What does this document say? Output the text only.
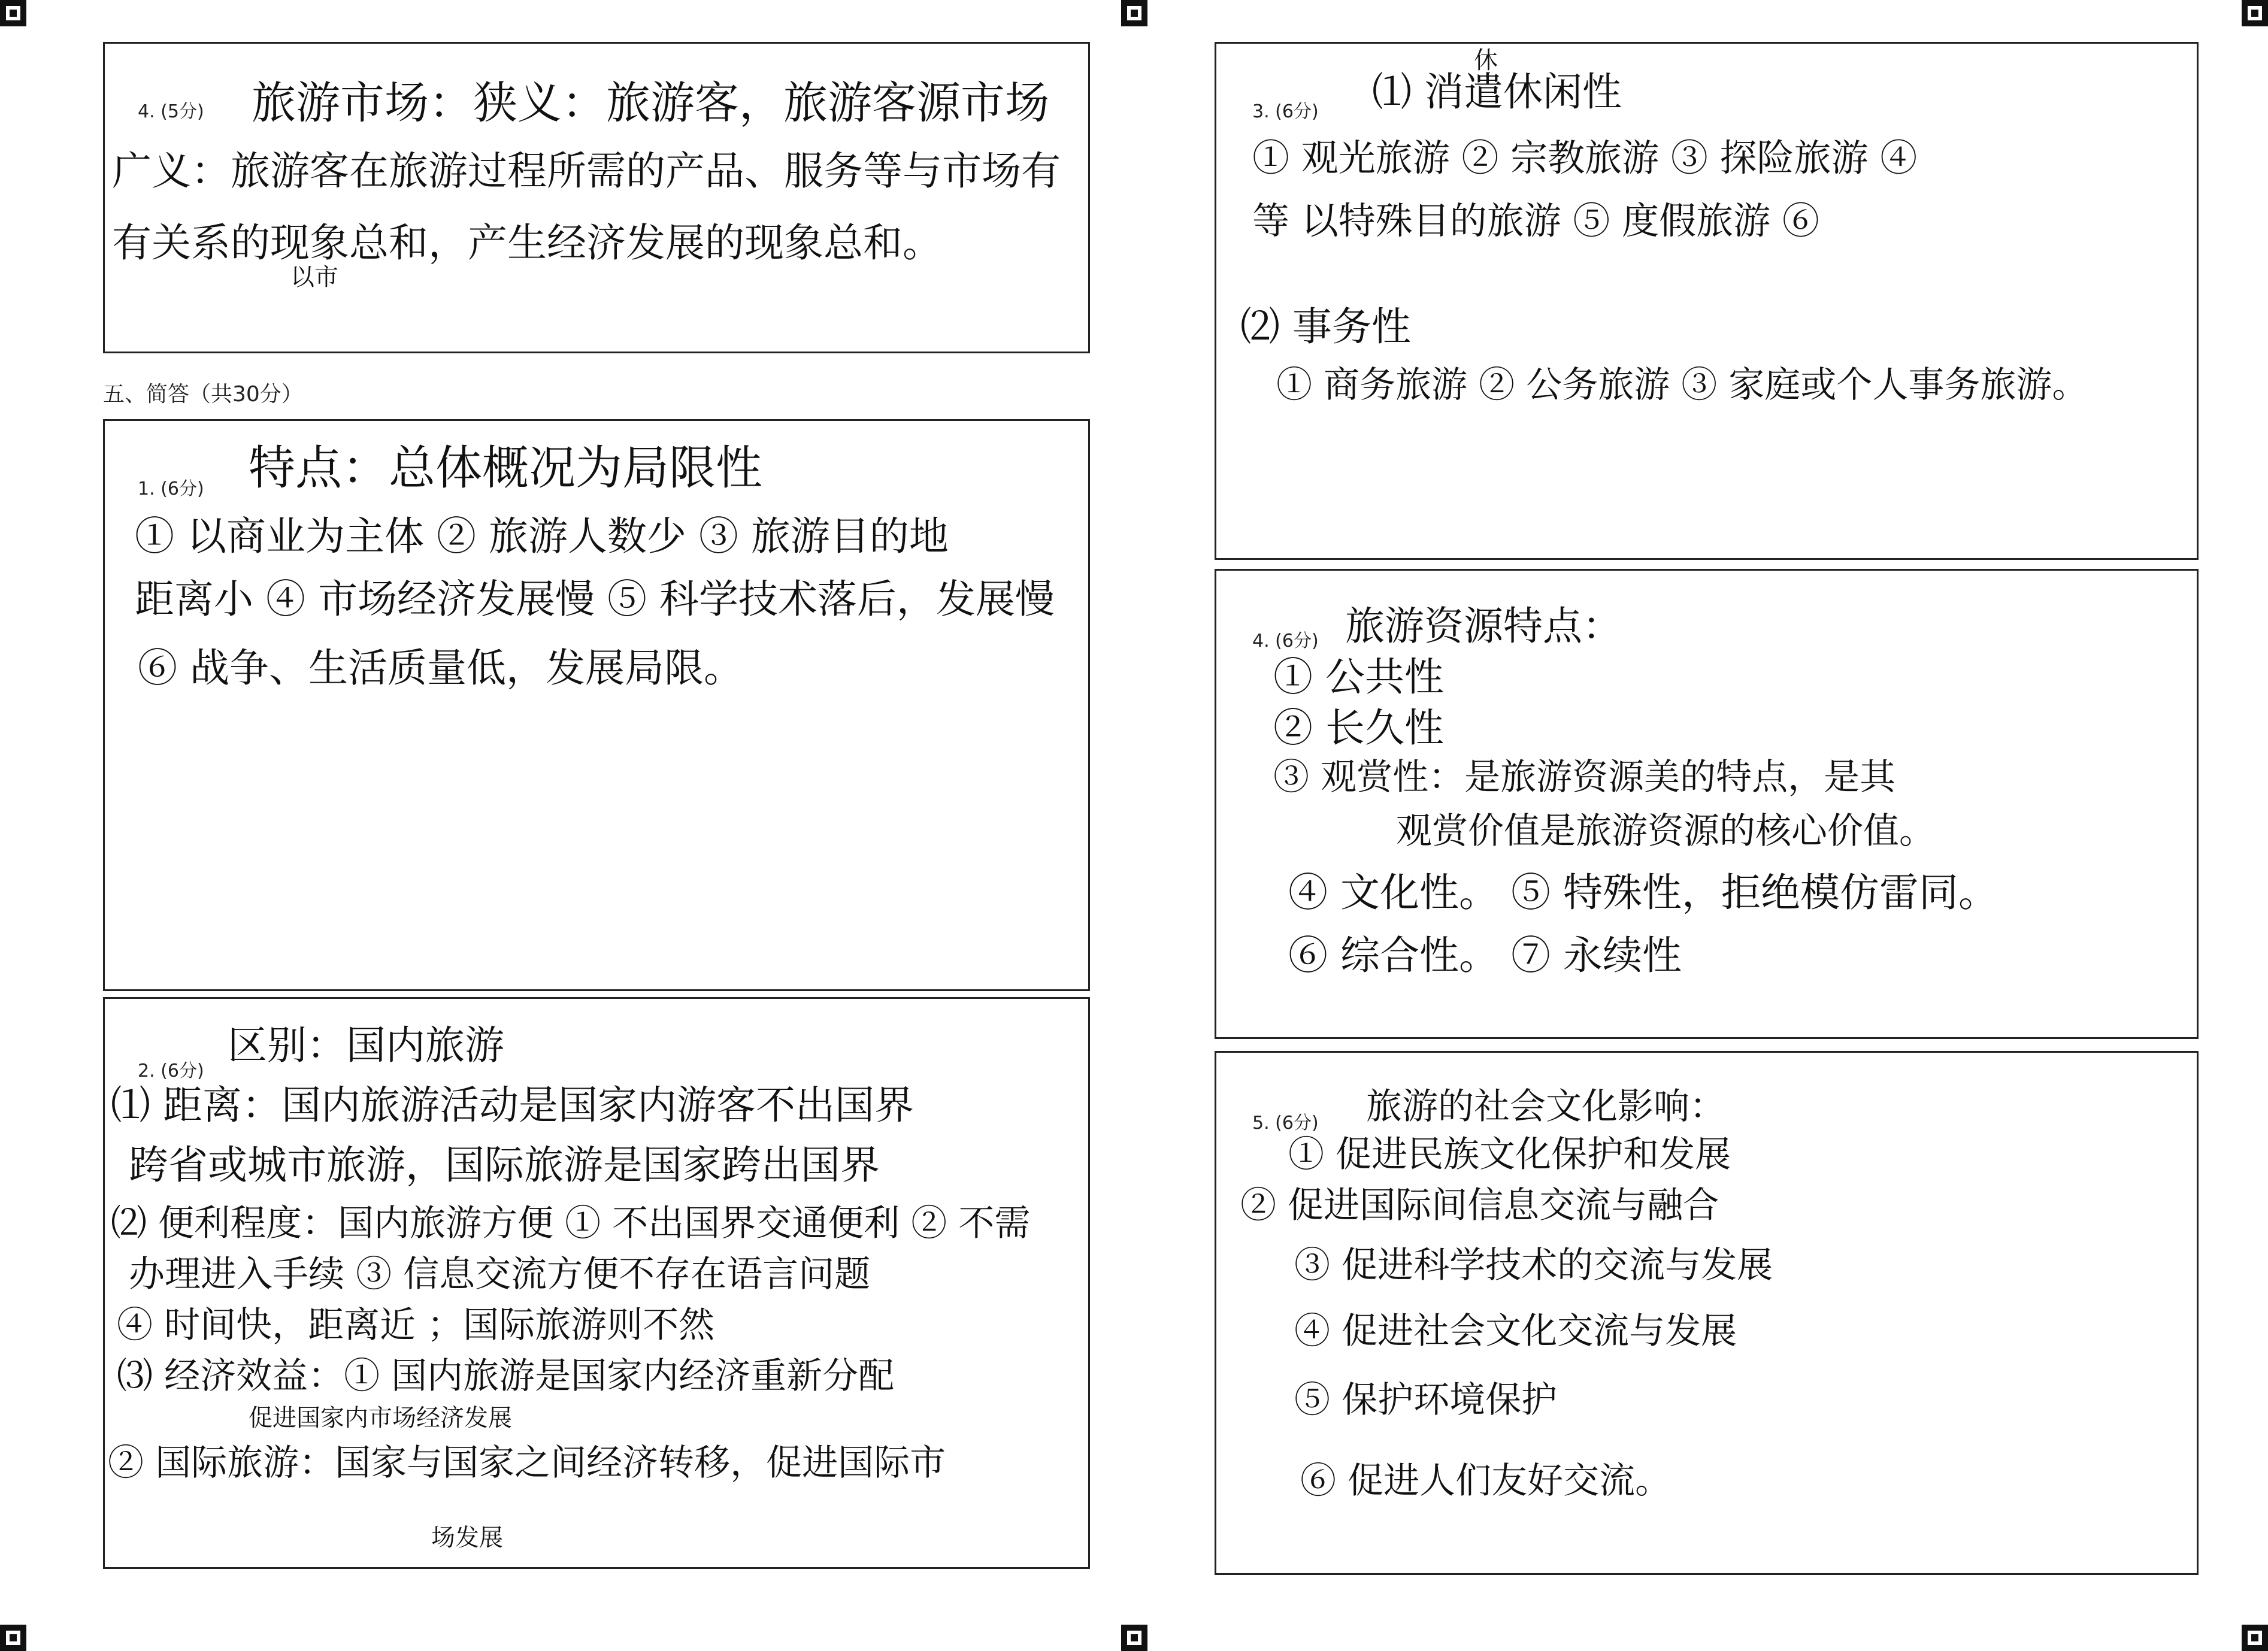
4. (5分) 旅游市场：狭义：旅游客，旅游客源市场
广义：旅游客在旅游过程所需的产品、服务等与市场有
有关系的现象总和，产生经济发展的现象总和。
以市
五、简答（共30分）
1. (6分) 特点：总体概况为局限性
① 以商业为主体 ② 旅游人数少 ③ 旅游目的地
距离小 ④ 市场经济发展慢 ⑤ 科学技术落后，发展慢
⑥ 战争、生活质量低，发展局限。
2. (6分)
区别：国内旅游
⑴ 距离：国内旅游活动是国家内游客不出国界
跨省或城市旅游，国际旅游是国家跨出国界
⑵ 便利程度：国内旅游方便 ① 不出国界交通便利 ② 不需
办理进入手续 ③ 信息交流方便不存在语言问题
④ 时间快，距离近 ；国际旅游则不然
⑶ 经济效益：① 国内旅游是国家内经济重新分配
促进国家内市场经济发展
② 国际旅游：国家与国家之间经济转移，促进国际市
场发展
3. (6分)
休
⑴ 消遣休闲性
① 观光旅游 ② 宗教旅游 ③ 探险旅游 ④
等 以特殊目的旅游 ⑤ 度假旅游 ⑥
⑵ 事务性
① 商务旅游 ② 公务旅游 ③ 家庭或个人事务旅游。
4. (6分) 旅游资源特点：
① 公共性
② 长久性
③ 观赏性：是旅游资源美的特点，是其
观赏价值是旅游资源的核心价值。
④ 文化性。 ⑤ 特殊性，拒绝模仿雷同。
⑥ 综合性。 ⑦ 永续性
5. (6分) 旅游的社会文化影响：
① 促进民族文化保护和发展
② 促进国际间信息交流与融合
③ 促进科学技术的交流与发展
④ 促进社会文化交流与发展
⑤ 保护环境保护
⑥ 促进人们友好交流。
